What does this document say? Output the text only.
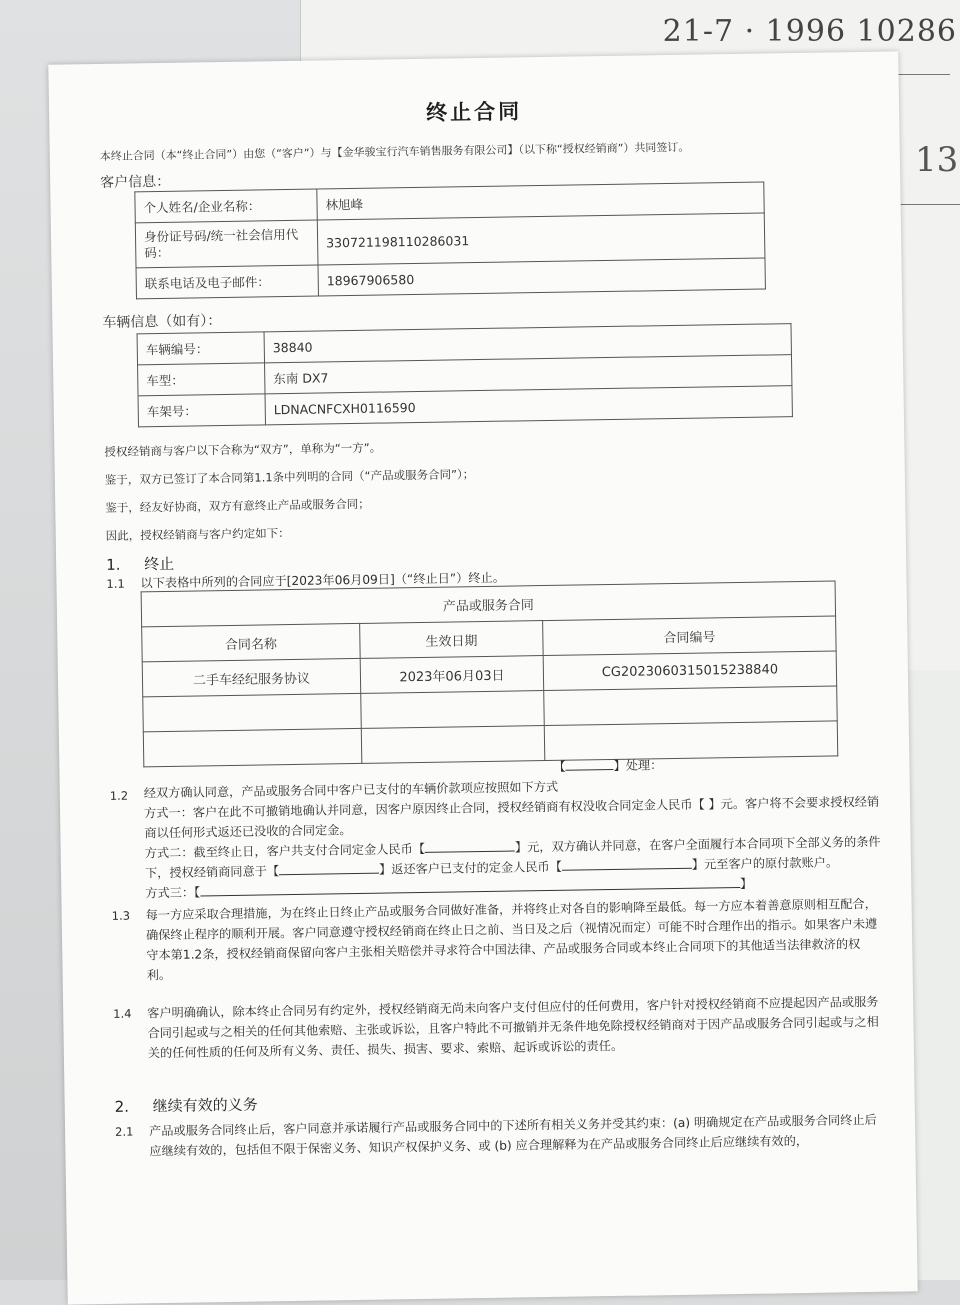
21-7 · 1996 10286
13
终止合同
本终止合同（本“终止合同”）由您（“客户”）与【金华骏宝行汽车销售服务有限公司】（以下称“授权经销商”）共同签订。
客户信息：
个人姓名/企业名称：	林旭峰
身份证号码/统一社会信用代码：	330721198110286031
联系电话及电子邮件：	18967906580
车辆信息（如有）：
车辆编号：	38840
车型：	东南 DX7
车架号：	LDNACNFCXH0116590
授权经销商与客户以下合称为“双方”，单称为“一方”。
鉴于，双方已签订了本合同第1.1条中列明的合同（“产品或服务合同”）；
鉴于，经友好协商，双方有意终止产品或服务合同；
因此，授权经销商与客户约定如下：
1. 终止
1.1	以下表格中所列的合同应于[2023年06月09日]（“终止日”）终止。
产品或服务合同		
合同名称	生效日期	合同编号
二手车经纪服务协议	2023年06月03日	CG2023060315015238840

1.2
【	】处理：
经双方确认同意，产品或服务合同中客户已支付的车辆价款项应按照如下方式
方式一：客户在此不可撤销地确认并同意，因客户原因终止合同，授权经销商有权没收合同定金人民币【 】元。客户将不会要求授权经销商以任何形式返还已没收的合同定金。
方式二：截至终止日，客户共支付合同定金人民币【	】元，双方确认并同意，在客户全面履行本合同项下全部义务的条件下，授权经销商同意于【	】返还客户已支付的定金人民币【	】元至客户的原付款账户。
方式三：【】
1.3	每一方应采取合理措施，为在终止日终止产品或服务合同做好准备，并将终止对各自的影响降至最低。每一方应本着善意原则相互配合，确保终止程序的顺利开展。客户同意遵守授权经销商在终止日之前、当日及之后（视情况而定）可能不时合理作出的指示。如果客户未遵守本第1.2条，授权经销商保留向客户主张相关赔偿并寻求符合中国法律、产品或服务合同或本终止合同项下的其他适当法律救济的权利。
1.4	客户明确确认，除本终止合同另有约定外，授权经销商无尚未向客户支付但应付的任何费用，客户针对授权经销商不应提起因产品或服务合同引起或与之相关的任何其他索赔、主张或诉讼，且客户特此不可撤销并无条件地免除授权经销商对于因产品或服务合同引起或与之相关的任何性质的任何及所有义务、责任、损失、损害、要求、索赔、起诉或诉讼的责任。
2. 继续有效的义务
2.1	产品或服务合同终止后，客户同意并承诺履行产品或服务合同中的下述所有相关义务并受其约束：(a) 明确规定在产品或服务合同终止后应继续有效的，包括但不限于保密义务、知识产权保护义务、或 (b) 应合理解释为在产品或服务合同终止后应继续有效的，
